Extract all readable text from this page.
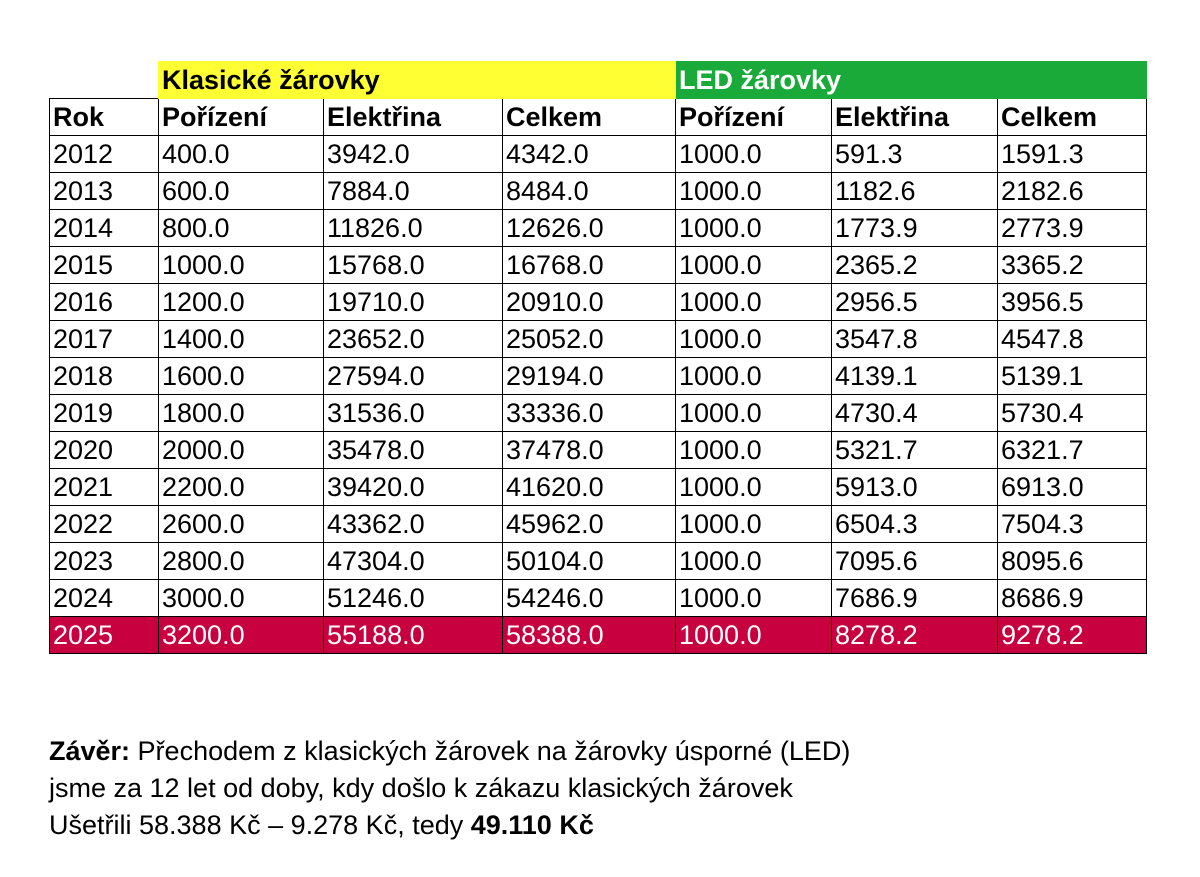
	Klasické žárovky			LED žárovky		
Rok	Pořízení	Elektřina	Celkem	Pořízení	Elektřina	Celkem
2012	400.0	3942.0	4342.0	1000.0	591.3	1591.3
2013	600.0	7884.0	8484.0	1000.0	1182.6	2182.6
2014	800.0	11826.0	12626.0	1000.0	1773.9	2773.9
2015	1000.0	15768.0	16768.0	1000.0	2365.2	3365.2
2016	1200.0	19710.0	20910.0	1000.0	2956.5	3956.5
2017	1400.0	23652.0	25052.0	1000.0	3547.8	4547.8
2018	1600.0	27594.0	29194.0	1000.0	4139.1	5139.1
2019	1800.0	31536.0	33336.0	1000.0	4730.4	5730.4
2020	2000.0	35478.0	37478.0	1000.0	5321.7	6321.7
2021	2200.0	39420.0	41620.0	1000.0	5913.0	6913.0
2022	2600.0	43362.0	45962.0	1000.0	6504.3	7504.3
2023	2800.0	47304.0	50104.0	1000.0	7095.6	8095.6
2024	3000.0	51246.0	54246.0	1000.0	7686.9	8686.9
2025	3200.0	55188.0	58388.0	1000.0	8278.2	9278.2
Závěr: Přechodem z klasických žárovek na žárovky úsporné (LED)
jsme za 12 let od doby, kdy došlo k zákazu klasických žárovek
Ušetřili 58.388 Kč – 9.278 Kč, tedy 49.110 Kč
